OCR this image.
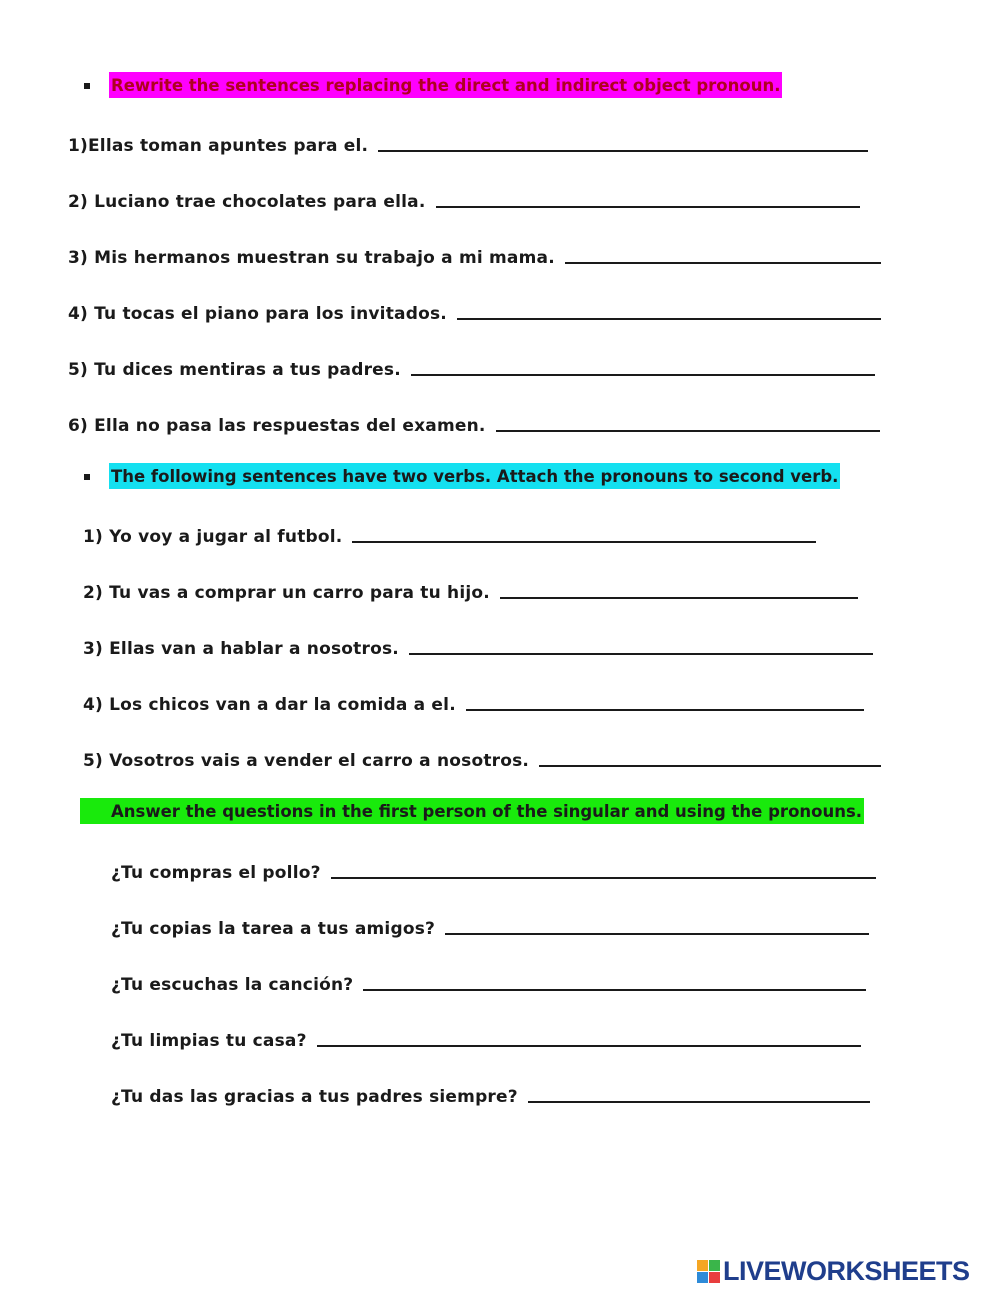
Rewrite the sentences replacing the direct and indirect object pronoun.
1)Ellas toman apuntes para el.
2) Luciano trae chocolates para ella.
3) Mis hermanos muestran su trabajo a mi mama.
4) Tu tocas el piano para los invitados.
5) Tu dices mentiras a tus padres.
6) Ella no pasa las respuestas del examen.
The following sentences have two verbs. Attach the pronouns to second verb.
1) Yo voy a jugar al futbol.
2) Tu vas a comprar un carro para tu hijo.
3) Ellas van a hablar a nosotros.
4) Los chicos van a dar la comida a el.
5) Vosotros vais a vender el carro a nosotros.
Answer the questions in the first person of the singular and using the pronouns.
¿Tu compras el pollo?
¿Tu copias la tarea a tus amigos?
¿Tu escuchas la canción?
¿Tu limpias tu casa?
¿Tu das las gracias a tus padres siempre?
LIVEWORKSHEETS
